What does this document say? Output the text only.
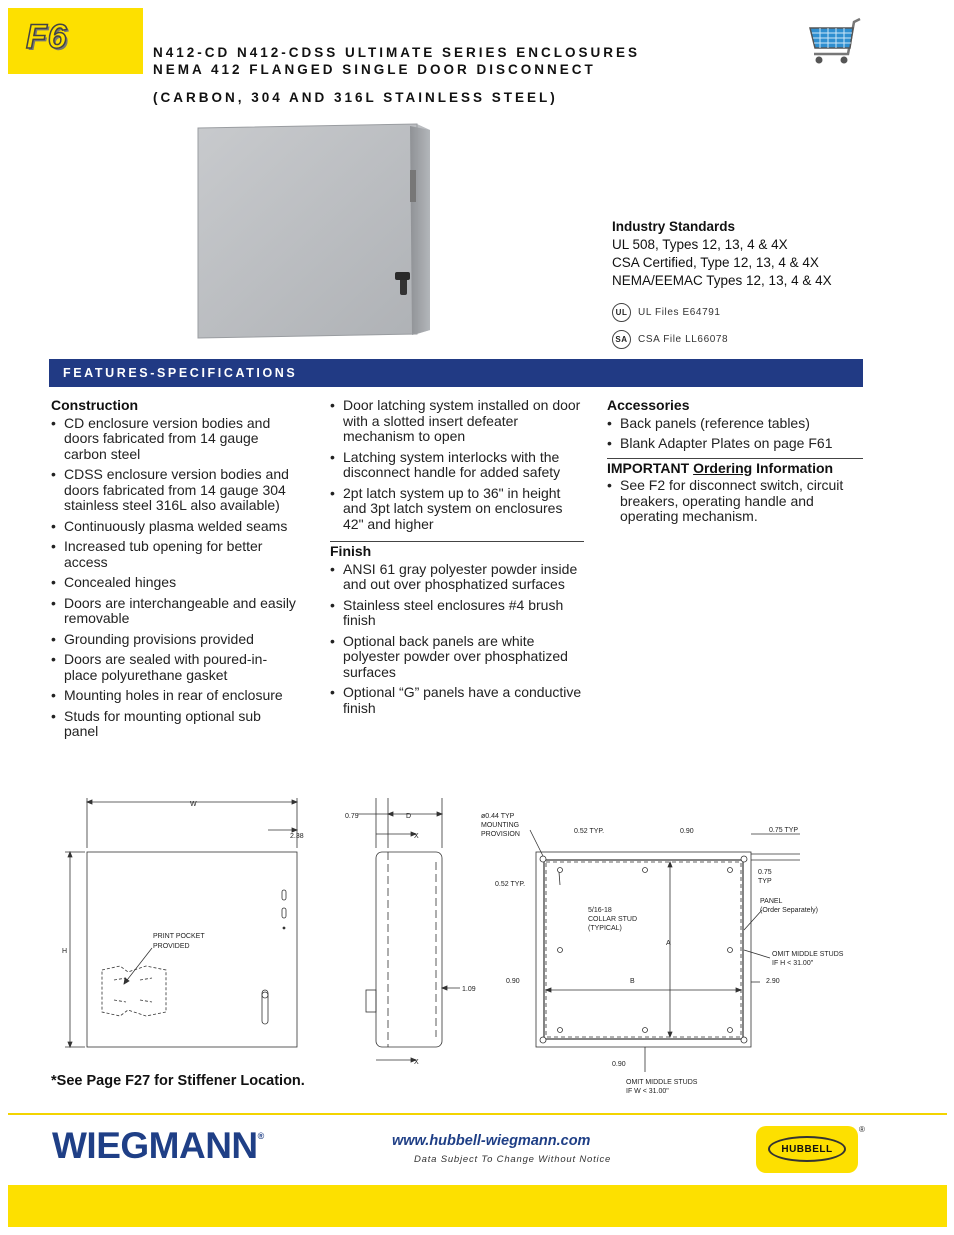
F6	N412-CD N412-CDSS ULTIMATE SERIES ENCLOSURES
NEMA 412 FLANGED SINGLE DOOR DISCONNECT
(CARBON, 304 AND 316L STAINLESS STEEL)
Industry Standards
UL 508, Types 12, 13, 4 & 4X
CSA Certified, Type 12, 13, 4 & 4X
NEMA/EEMAC Types 12, 13, 4 & 4X
UL	UL Files E64791
SA	CSA File LL66078
FEATURES-SPECIFICATIONS
Construction
• CD enclosure version bodies and doors fabricated from 14 gauge carbon steel
• CDSS enclosure version bodies and doors fabricated from 14 gauge 304 stainless steel 316L also available)
• Continuously plasma welded seams
• Increased tub opening for better access
• Concealed hinges
• Doors are interchangeable and easily removable
• Grounding provisions provided
• Doors are sealed with poured-in-place polyurethane gasket
• Mounting holes in rear of enclosure
• Studs for mounting optional sub panel
• Door latching system installed on door with a slotted insert defeater mechanism to open
• Latching system interlocks with the disconnect handle for added safety
• 2pt latch system up to 36" in height and 3pt latch system on enclosures 42" and higher
Finish
• ANSI 61 gray polyester powder inside and out over phosphatized surfaces
• Stainless steel enclosures #4 brush finish
• Optional back panels are white polyester powder over phosphatized surfaces
• Optional “G” panels have a conductive finish
Accessories
• Back panels (reference tables)
• Blank Adapter Plates on page F61
IMPORTANT Ordering Information
• See F2 for disconnect switch, circuit breakers, operating handle and operating mechanism.
W
2.38
H
PRINT POCKET
PROVIDED
0.79	D
X
X
1.09
ø0.44 TYP
MOUNTING
PROVISION	0.52 TYP.	0.90	0.75 TYP
0.52 TYP.
0.75
TYP
5/16-18
COLLAR STUD
(TYPICAL)
PANEL
(Order Separately)
A
OMIT MIDDLE STUDS
IF H < 31.00"
0.90	B	2.90
0.90
OMIT MIDDLE STUDS
IF W < 31.00"
*See Page F27 for Stiffener Location.
WIEGMANN®	www.hubbell-wiegmann.com
Data Subject To Change Without Notice
HUBBELL
®
